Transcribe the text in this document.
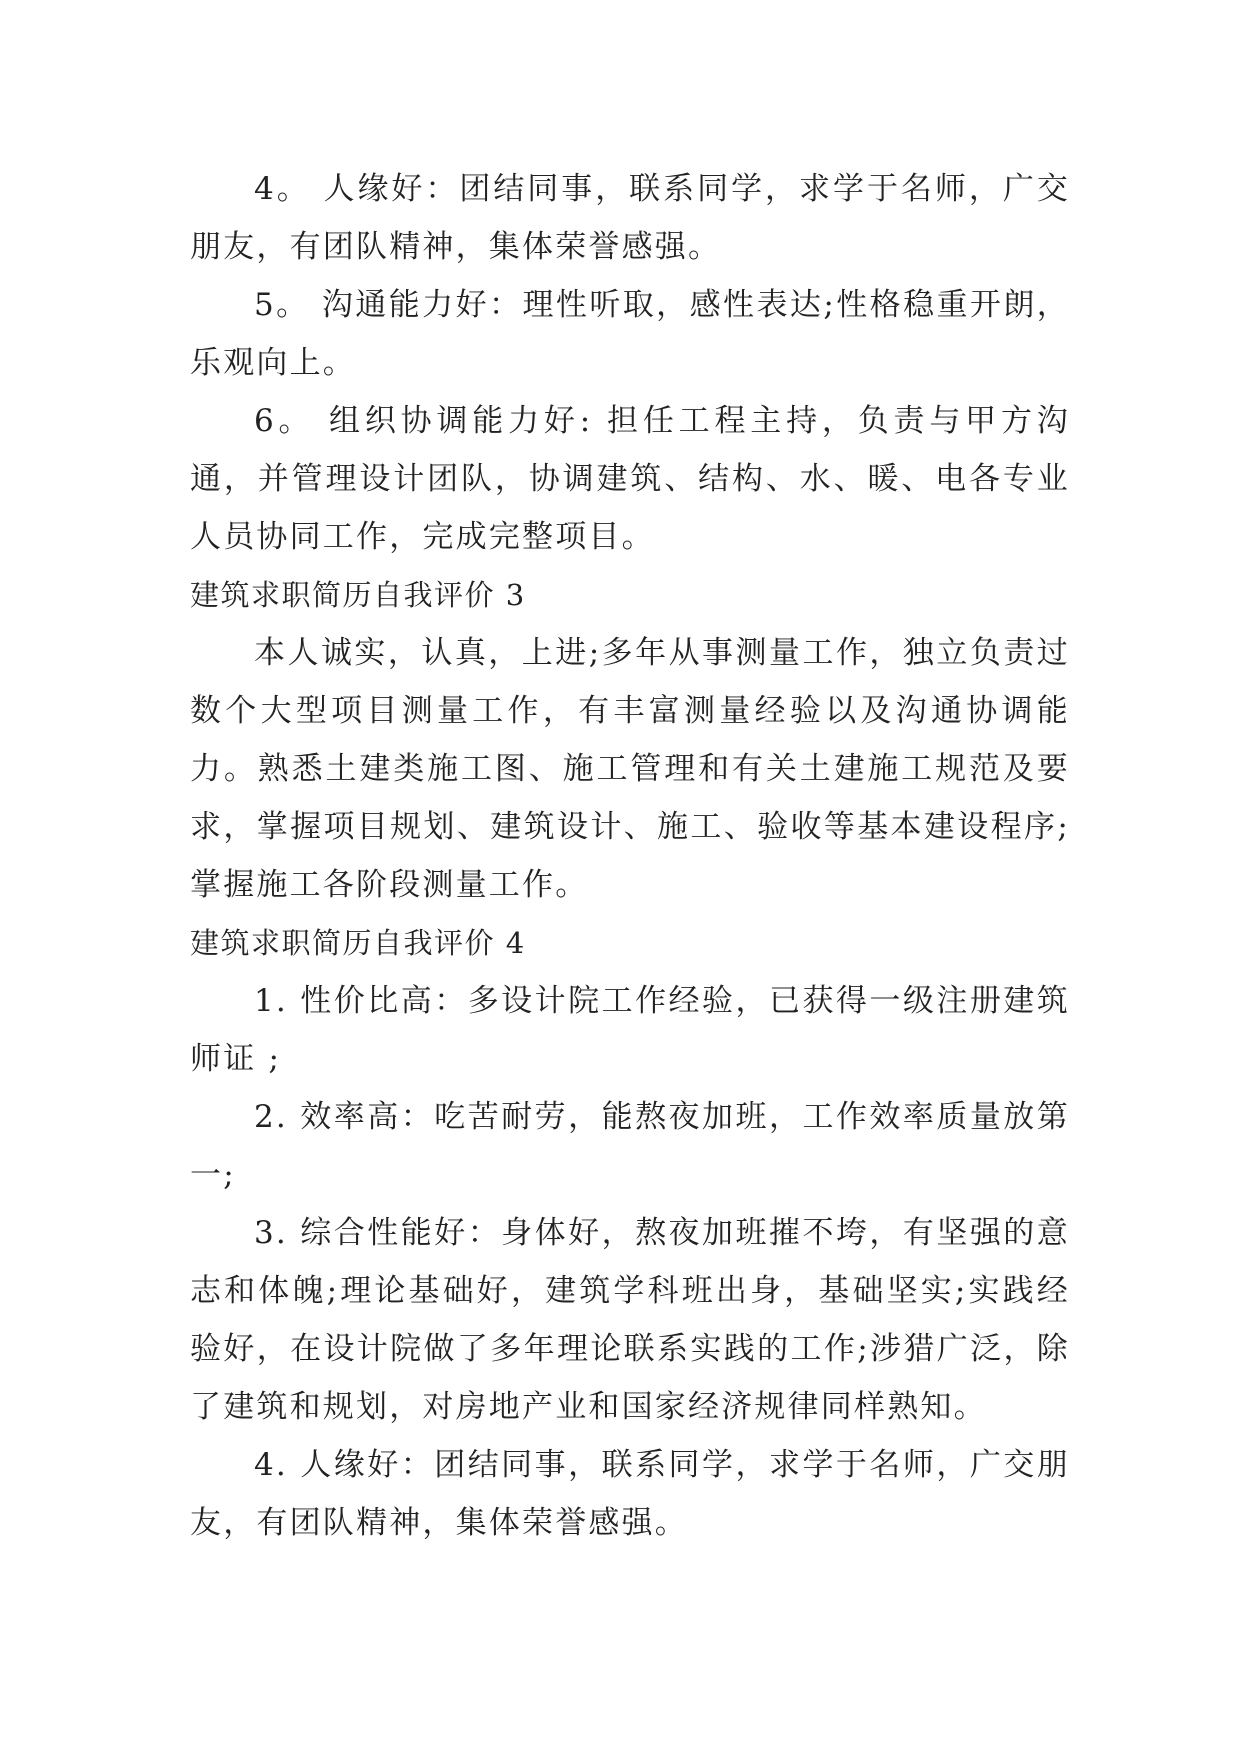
4。 人缘好：团结同事，联系同学，求学于名师，广交朋友，有团队精神，集体荣誉感强。

5。 沟通能力好：理性听取，感性表达;性格稳重开朗，乐观向上。

6。 组织协调能力好: 担任工程主持，负责与甲方沟通，并管理设计团队，协调建筑、结构、水、暖、电各专业人员协同工作，完成完整项目。

建筑求职简历自我评价 3

本人诚实，认真，上进;多年从事测量工作，独立负责过数个大型项目测量工作，有丰富测量经验以及沟通协调能力。熟悉土建类施工图、施工管理和有关土建施工规范及要求，掌握项目规划、建筑设计、施工、验收等基本建设程序;掌握施工各阶段测量工作。

建筑求职简历自我评价 4

1. 性价比高：多设计院工作经验，已获得一级注册建筑师证 ;

2. 效率高：吃苦耐劳，能熬夜加班，工作效率质量放第一;

3. 综合性能好：身体好，熬夜加班摧不垮，有坚强的意志和体魄;理论基础好，建筑学科班出身，基础坚实;实践经验好，在设计院做了多年理论联系实践的工作;涉猎广泛，除了建筑和规划，对房地产业和国家经济规律同样熟知。

4. 人缘好：团结同事，联系同学，求学于名师，广交朋友，有团队精神，集体荣誉感强。
